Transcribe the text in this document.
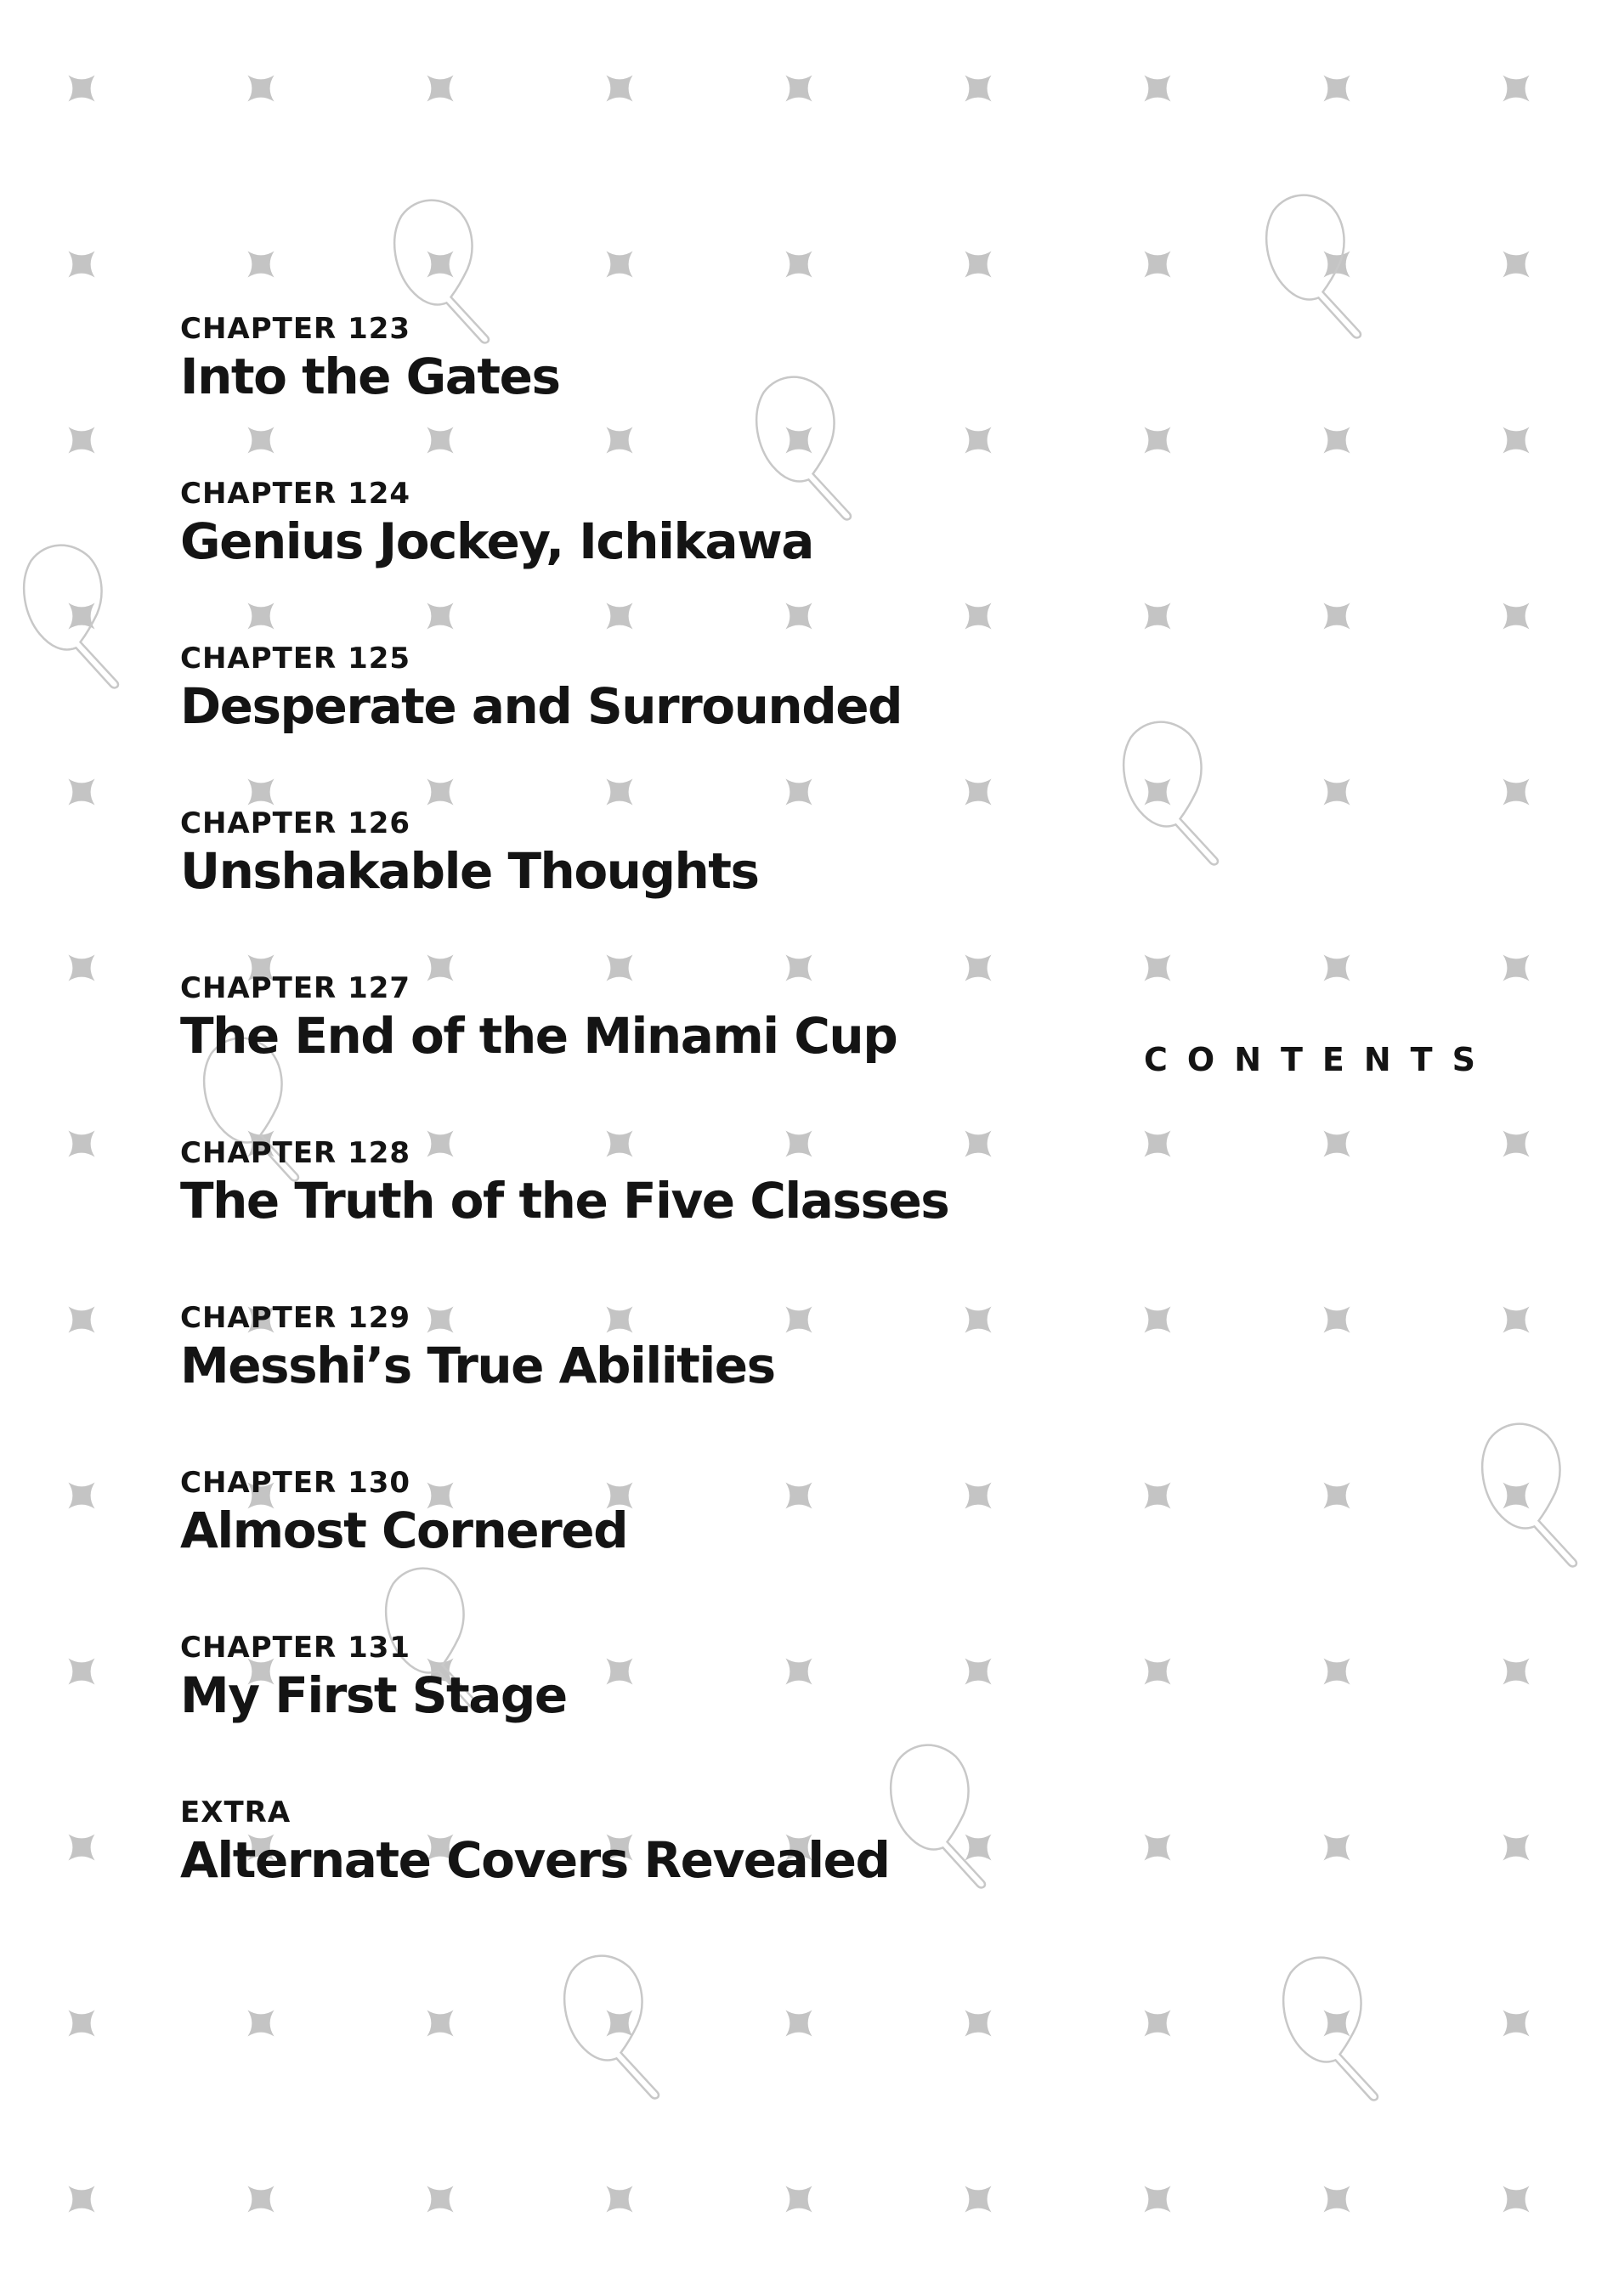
CHAPTER 123
Into the Gates
CHAPTER 124
Genius Jockey, Ichikawa
CHAPTER 125
Desperate and Surrounded
CHAPTER 126
Unshakable Thoughts
CHAPTER 127
The End of the Minami Cup
CHAPTER 128
The Truth of the Five Classes
CHAPTER 129
Messhi’s True Abilities
CHAPTER 130
Almost Cornered
CHAPTER 131
My First Stage
EXTRA
Alternate Covers Revealed
CONTENTS
